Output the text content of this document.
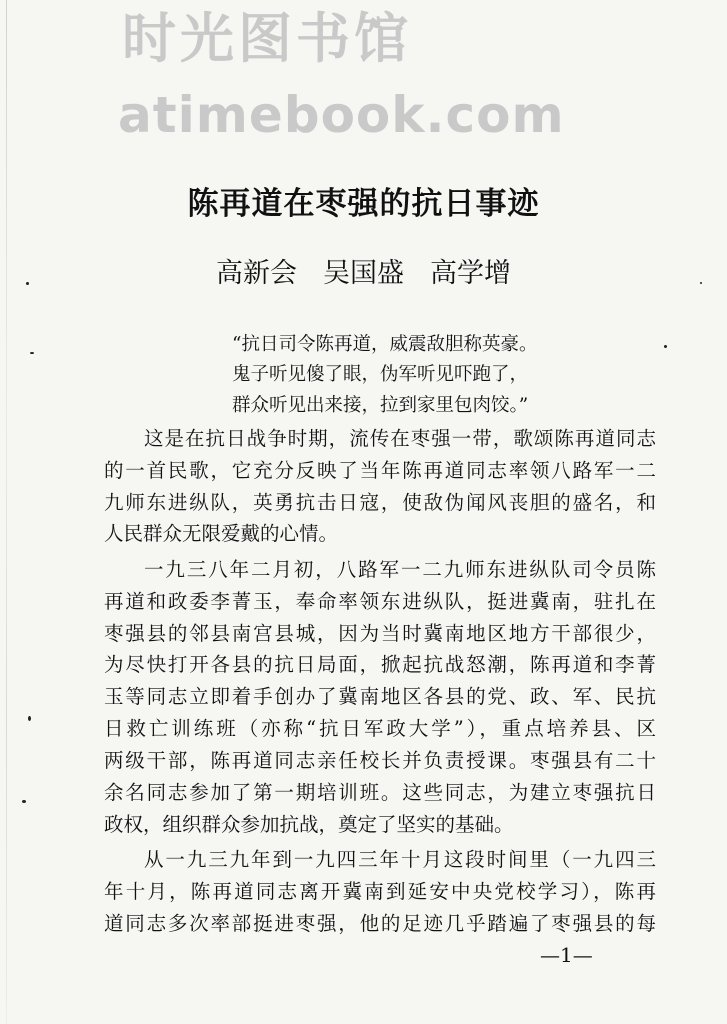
时光图书馆
atimebook.com
陈再道在枣强的抗日事迹
高新会 吴国盛 高学增
“抗日司令陈再道，威震敌胆称英豪。
鬼子听见傻了眼，伪军听见吓跑了，
群众听见出来接，拉到家里包肉饺。”
这是在抗日战争时期，流传在枣强一带，歌颂陈再道同志
的一首民歌，它充分反映了当年陈再道同志率领八路军一二
九师东进纵队，英勇抗击日寇，使敌伪闻风丧胆的盛名，和
人民群众无限爱戴的心情。
一九三八年二月初，八路军一二九师东进纵队司令员陈
再道和政委李菁玉，奉命率领东进纵队，挺进冀南，驻扎在
枣强县的邻县南宫县城，因为当时冀南地区地方干部很少，
为尽快打开各县的抗日局面，掀起抗战怒潮，陈再道和李菁
玉等同志立即着手创办了冀南地区各县的党、政、军、民抗
日救亡训练班（亦称“抗日军政大学”），重点培养县、区
两级干部，陈再道同志亲任校长并负责授课。枣强县有二十
余名同志参加了第一期培训班。这些同志，为建立枣强抗日
政权，组织群众参加抗战，奠定了坚实的基础。
从一九三九年到一九四三年十月这段时间里（一九四三
年十月，陈再道同志离开冀南到延安中央党校学习），陈再
道同志多次率部挺进枣强，他的足迹几乎踏遍了枣强县的每
—1—
